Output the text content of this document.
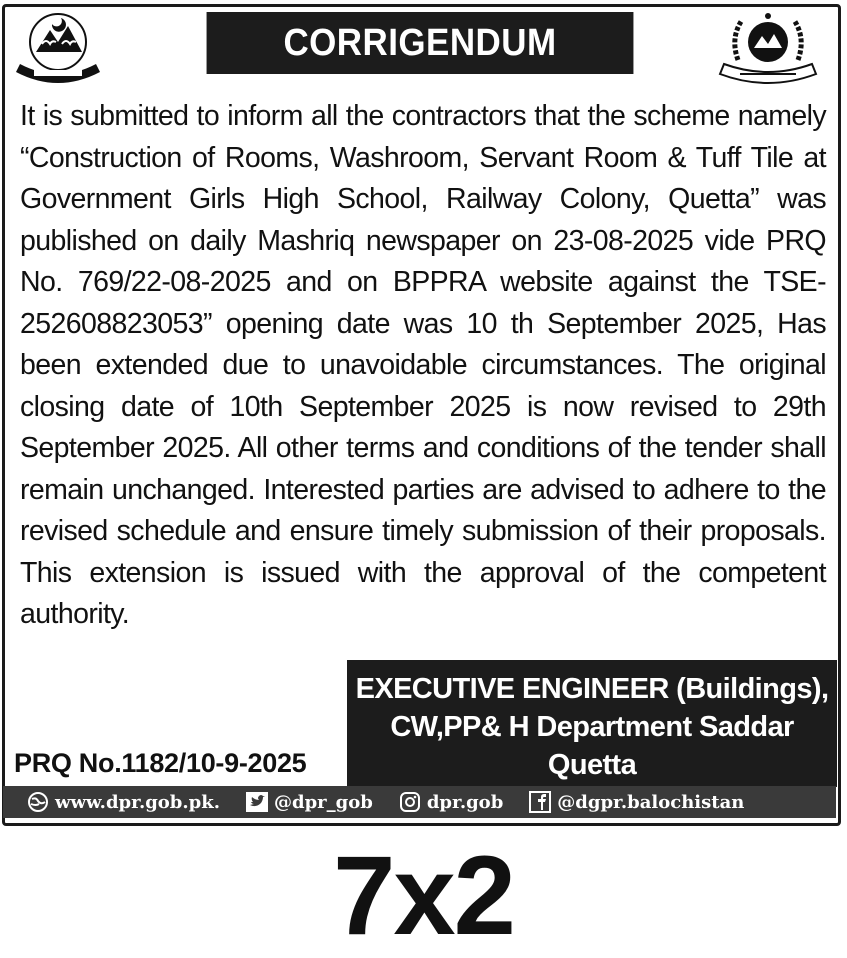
CORRIGENDUM

It is submitted to inform all the contractors that the scheme namely “Construction of Rooms, Washroom, Servant Room & Tuff Tile at Government Girls High School, Railway Colony, Quetta” was published on daily Mashriq newspaper on 23-08-2025 vide PRQ No. 769/22-08-2025 and on BPPRA website against the TSE-252608823053” opening date was 10 th September 2025, Has been extended due to unavoidable circumstances. The original closing date of 10th September 2025 is now revised to 29th September 2025. All other terms and conditions of the tender shall remain unchanged. Interested parties are advised to adhere to the revised schedule and ensure timely submission of their proposals. This extension is issued with the approval of the competent authority.

EXECUTIVE ENGINEER (Buildings),
CW,PP& H Department Saddar
Quetta
PRQ No.1182/10-9-2025
www.dpr.gob.pk.	@dpr_gob	dpr.gob	@dgpr.balochistan
7x2
